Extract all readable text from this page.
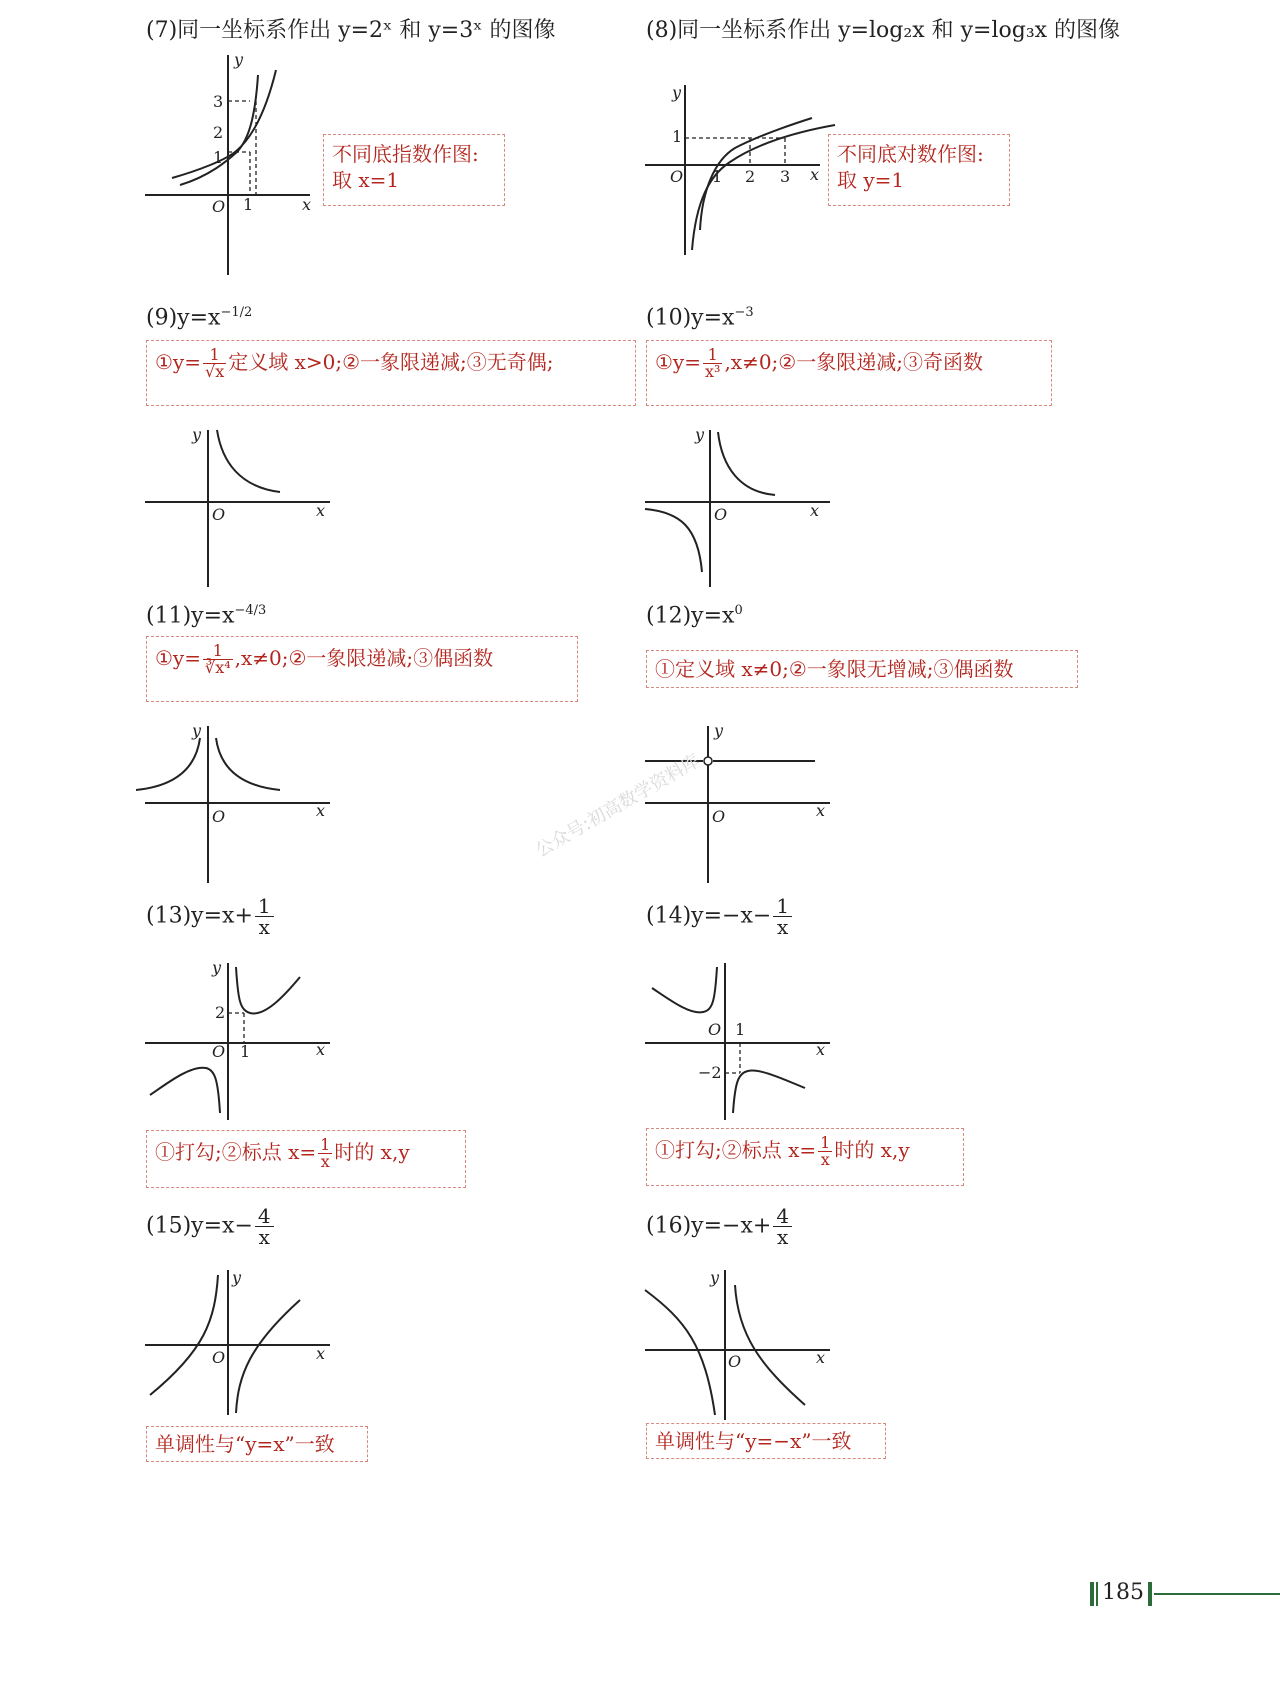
(7)同一坐标系作出 y=2ˣ 和 y=3ˣ 的图像
y
x
O
3
2
1
1
不同底指数作图:
取 x=1
(8)同一坐标系作出 y=log₂x 和 y=log₃x 的图像
y
x
O
1
1 2 3
不同底对数作图:
取 y=1
$(9)y=x^{-1/2}$
①y= $\frac{1}{√x}$ 定义域 x>0;②一象限递减;③无奇偶;
y
x
O
$(10)y=x^{-3}$
①y= $\frac{1}{\text{x³}}$ ,x≠0;②一象限递减;③奇函数
y
x
O
$(11)y=x^{-4/3}$
①y= $\frac{1}{\text{∛x⁴}}$ ,x≠0;②一象限递减;③偶函数
y
x
O
$(12)y=x^0$
①定义域 x≠0;②一象限无增减;③偶函数
y
x
O
$(13)y=x+ \frac{1}{x}$
y
x
O
2
1
①打勾;②标点 $x= \frac{1}{x}$ 时的 x,y
$(14)y=-x- \frac{1}{x}$
x
O 1
−2
①打勾;②标点 $x= \frac{1}{x}$ 时的 x,y
$(15)y=x- \frac{4}{x}$
y
x
O
单调性与“y=x”一致
$(16)y=-x+ \frac{4}{x}$
y
x
O
单调性与“y=−x”一致
公众号:初高数学资料库
185
